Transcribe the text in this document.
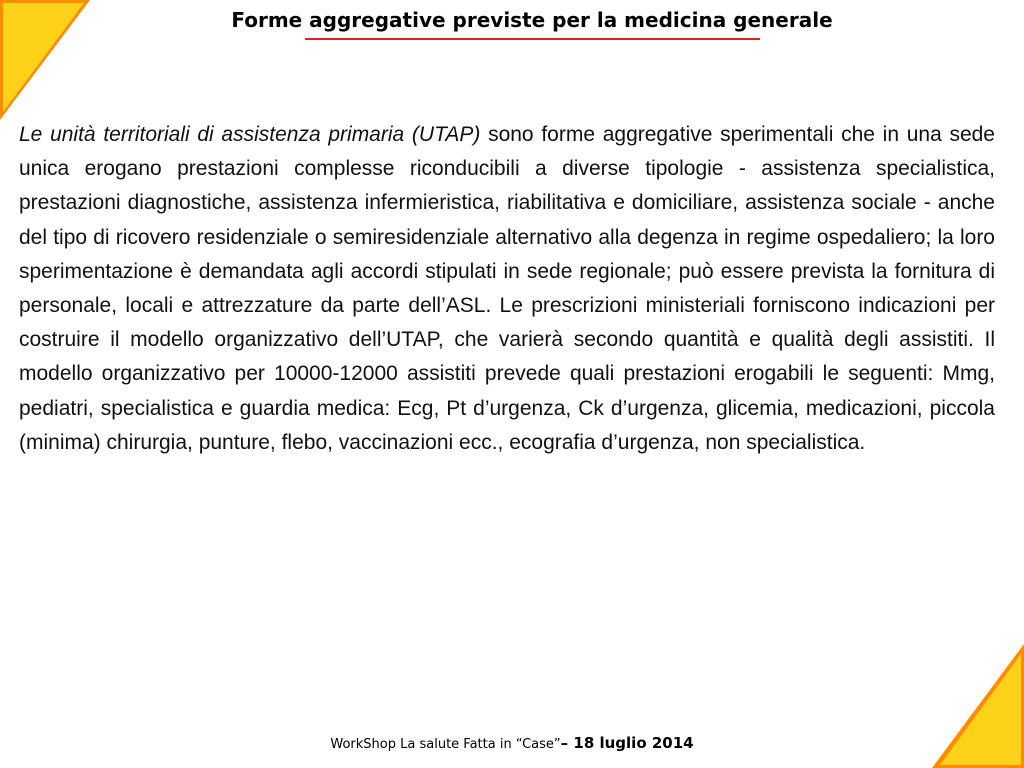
Forme aggregative previste per la medicina generale

Le unità territoriali di assistenza primaria (UTAP) sono forme aggregative sperimentali che in una sede unica erogano prestazioni complesse riconducibili a diverse tipologie - assistenza specialistica, prestazioni diagnostiche, assistenza infermieristica, riabilitativa e domiciliare, assistenza sociale - anche del tipo di ricovero residenziale o semiresidenziale alternativo alla degenza in regime ospedaliero; la loro sperimentazione è demandata agli accordi stipulati in sede regionale; può essere prevista la fornitura di personale, locali e attrezzature da parte dell’ASL. Le prescrizioni ministeriali forniscono indicazioni per costruire il modello organizzativo dell’UTAP, che varierà secondo quantità e qualità degli assistiti. Il modello organizzativo per 10000-12000 assistiti prevede quali prestazioni erogabili le seguenti: Mmg, pediatri, specialistica e guardia medica: Ecg, Pt d’urgenza, Ck d’urgenza, glicemia, medicazioni, piccola (minima) chirurgia, punture, flebo, vaccinazioni ecc., ecografia d’urgenza, non specialistica.

WorkShop La salute Fatta in “Case”– 18 luglio 2014
